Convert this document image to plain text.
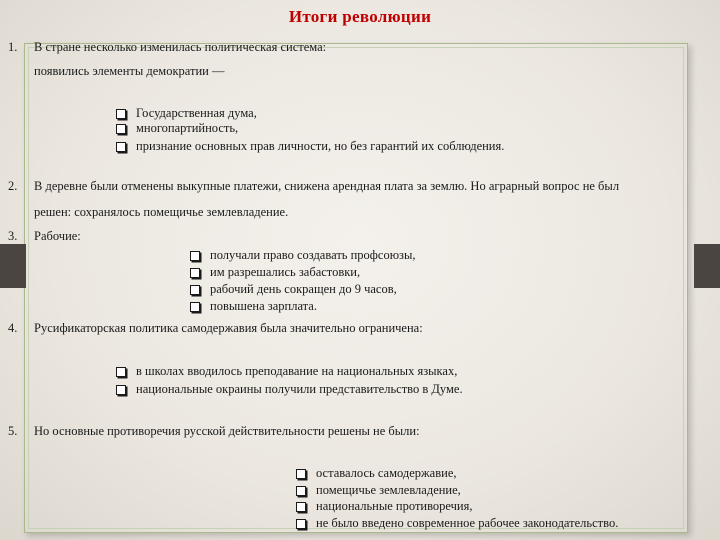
Итоги революции
1.	В стране несколько изменилась политическая система:
появились элементы демократии —
Государственная дума,
многопартийность,
признание основных прав личности, но без гарантий их соблюдения.
2.	В деревне были отменены выкупные платежи, снижена арендная плата за землю. Но аграрный вопрос не был
решен: сохранялось помещичье землевладение.
3.	Рабочие:
получали право создавать профсоюзы,
им разрешались забастовки,
рабочий день сокращен до 9 часов,
повышена зарплата.
4.	Русификаторская политика самодержавия была значительно ограничена:
в школах вводилось преподавание на национальных языках,
национальные окраины получили представительство в Думе.
5.	Но основные противоречия русской действительности решены не были:
оставалось самодержавие,
помещичье землевладение,
национальные противоречия,
не было введено современное рабочее законодательство.
